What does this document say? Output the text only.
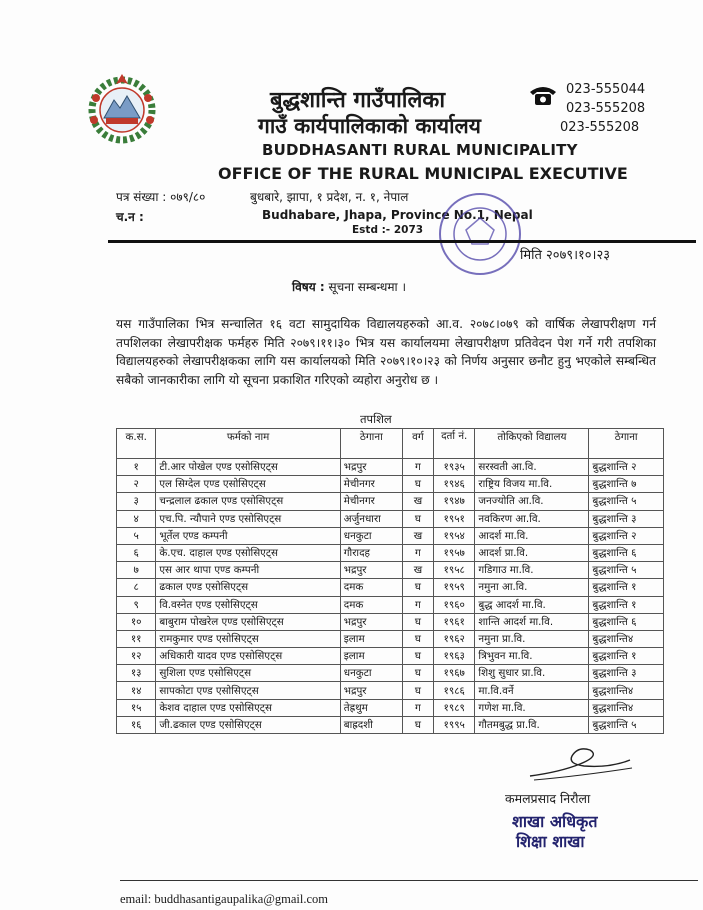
बुद्धशान्ति गाउँपालिका
गाउँ कार्यपालिकाको कार्यालय
BUDDHASANTI RURAL MUNICIPALITY
OFFICE OF THE RURAL MUNICIPAL EXECUTIVE
023-555044
023-555208
023-555208
पत्र संख्या : ०७९/८०
च.न :
बुधबारे, झापा, १ प्रदेश, न. १, नेपाल
Budhabare, Jhapa, Province No.1, Nepal
Estd :- 2073
मिति २०७९।१०।२३
विषय : सूचना सम्बन्धमा ।
यस गाउँपालिका भित्र सन्चालित १६ वटा सामुदायिक विद्यालयहरुको आ.व. २०७८।०७९ को वार्षिक लेखापरीक्षण गर्न तपशिलका लेखापरीक्षक फर्महरु मिति २०७९।११।३० भित्र यस कार्यालयमा लेखापरीक्षण प्रतिवेदन पेश गर्ने गरी तपशिका विद्यालयहरुको लेखापरीक्षकका लागि यस कार्यालयको मिति २०७९।१०।२३ को निर्णय अनुसार छनौट हुनु भएकोले सम्बन्धित सबैको जानकारीका लागि यो सूचना प्रकाशित गरिएको व्यहोरा अनुरोध छ ।
तपशिल
क.स.	फर्मको नाम	ठेगाना	वर्ग	दर्ता नं.	तोकिएको विद्यालय	ठेगाना
१	टी.आर पोखेल एण्ड एसोसिएट्स	भद्रपुर	ग	१९३५	सरस्वती आ.वि.	बुद्धशान्ति २
२	एल सिग्देल एण्ड एसोसिएट्स	मेचीनगर	घ	१९४६	राष्ट्रिय विजय मा.वि.	बुद्धशान्ति ७
३	चन्द्रलाल ढकाल एण्ड एसोसिएट्स	मेचीनगर	ख	१९४७	जनज्योति आ.वि.	बुद्धशान्ति ५
४	एच.पि. न्यौपाने एण्ड एसोसिएट्स	अर्जुनधारा	घ	१९५१	नवकिरण आ.वि.	बुद्धशान्ति ३
५	भूर्तेल एण्ड कम्पनी	धनकुटा	ख	१९५४	आदर्श मा.वि.	बुद्धशान्ति २
६	के.एच. दाहाल एण्ड एसोसिएट्स	गौरादह	ग	१९५७	आदर्श प्रा.वि.	बुद्धशान्ति ६
७	एस आर थापा एण्ड कम्पनी	भद्रपुर	ख	१९५८	गडिगाउ मा.वि.	बुद्धशान्ति ५
८	ढकाल एण्ड एसोसिएट्स	दमक	घ	१९५९	नमुना आ.वि.	बुद्धशान्ति १
९	वि.वस्नेत एण्ड एसोसिएट्स	दमक	ग	१९६०	बुद्ध आदर्श मा.वि.	बुद्धशान्ति १
१०	बाबुराम पोखरेल एण्ड एसोसिएट्स	भद्रपुर	घ	१९६१	शान्ति आदर्श मा.वि.	बुद्धशान्ति ६
११	रामकुमार एण्ड एसोसिएट्स	इलाम	घ	१९६२	नमुना प्रा.वि.	बुद्धशान्ति४
१२	अधिकारी यादव एण्ड एसोसिएट्स	इलाम	घ	१९६३	त्रिभुवन मा.वि.	बुद्धशान्ति १
१३	सुशिला एण्ड एसोसिएट्स	धनकुटा	घ	१९६७	शिशु सुधार प्रा.वि.	बुद्धशान्ति ३
१४	सापकोटा एण्ड एसोसिएट्स	भद्रपुर	घ	१९८६	मा.वि.वर्ने	बुद्धशान्ति४
१५	केशव दाहाल एण्ड एसोसिएट्स	तेह्रथुम	ग	१९८९	गणेश मा.वि.	बुद्धशान्ति४
१६	जी.ढकाल एण्ड एसोसिएट्स	बाह्रदशी	घ	१९९५	गौतमबुद्ध प्रा.वि.	बुद्धशान्ति ५
कमलप्रसाद निरौला
शाखा अधिकृत
शिक्षा शाखा
email: buddhasantigaupalika@gmail.com
